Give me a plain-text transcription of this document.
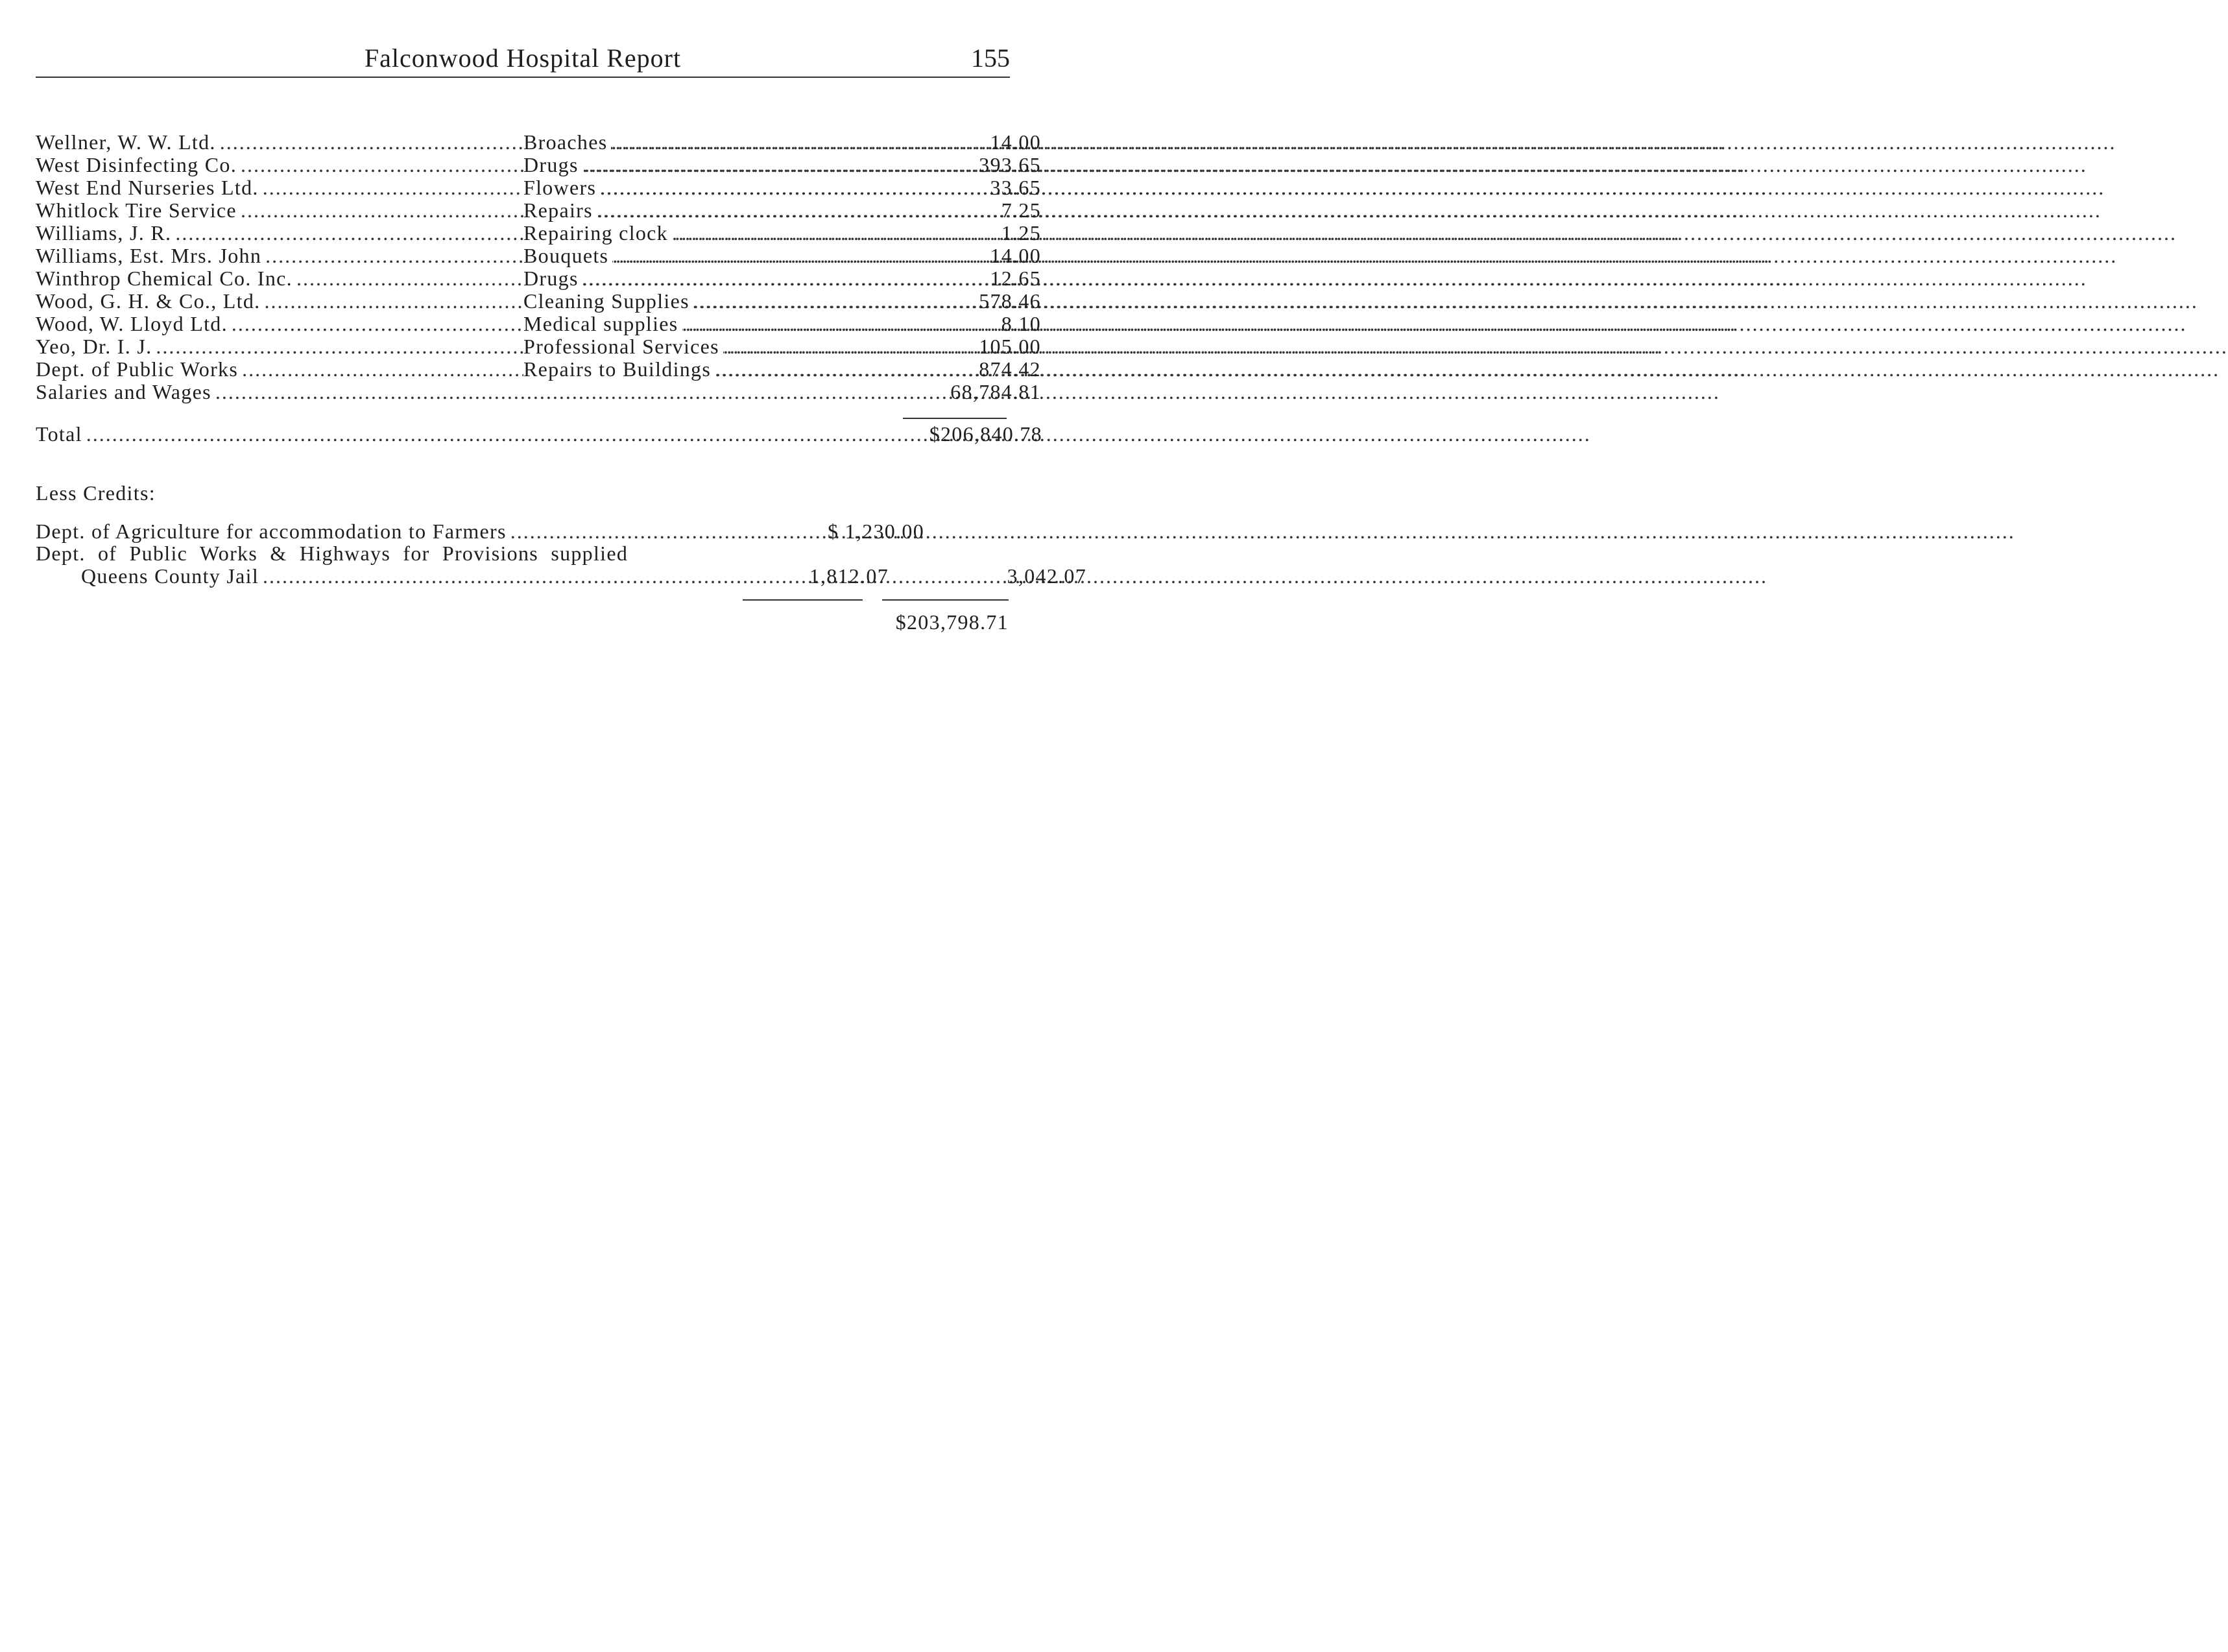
Falconwood Hospital Report	155
Wellner, W. W. Ltd. .....	Broaches .....	14.00
West Disinfecting Co. .....	Drugs .....	393.65
West End Nurseries Ltd. .....	Flowers .....	33.65
Whitlock Tire Service .....	Repairs .....	7.25
Williams, J. R. .....	Repairing clock .....	1.25
Williams, Est. Mrs. John .....	Bouquets .....	14.00
Winthrop Chemical Co. Inc. .....	Drugs .....	12.65
Wood, G. H. & Co., Ltd. .....	Cleaning Supplies .....	578.46
Wood, W. Lloyd Ltd. .....	Medical supplies .....	8.10
Yeo, Dr. I. J. .....	Professional Services .....	105.00
Dept. of Public Works .....	Repairs to Buildings .....	874.42
Salaries and Wages .....	68,784.81
Total .....	$206,840.78
Less Credits:
Dept. of Agriculture for accommodation to Farmers .....	$ 1,230.00
Dept. of Public Works & Highways for Provisions supplied
Queens County Jail .....	1,812.07	3,042.07
$203,798.71
